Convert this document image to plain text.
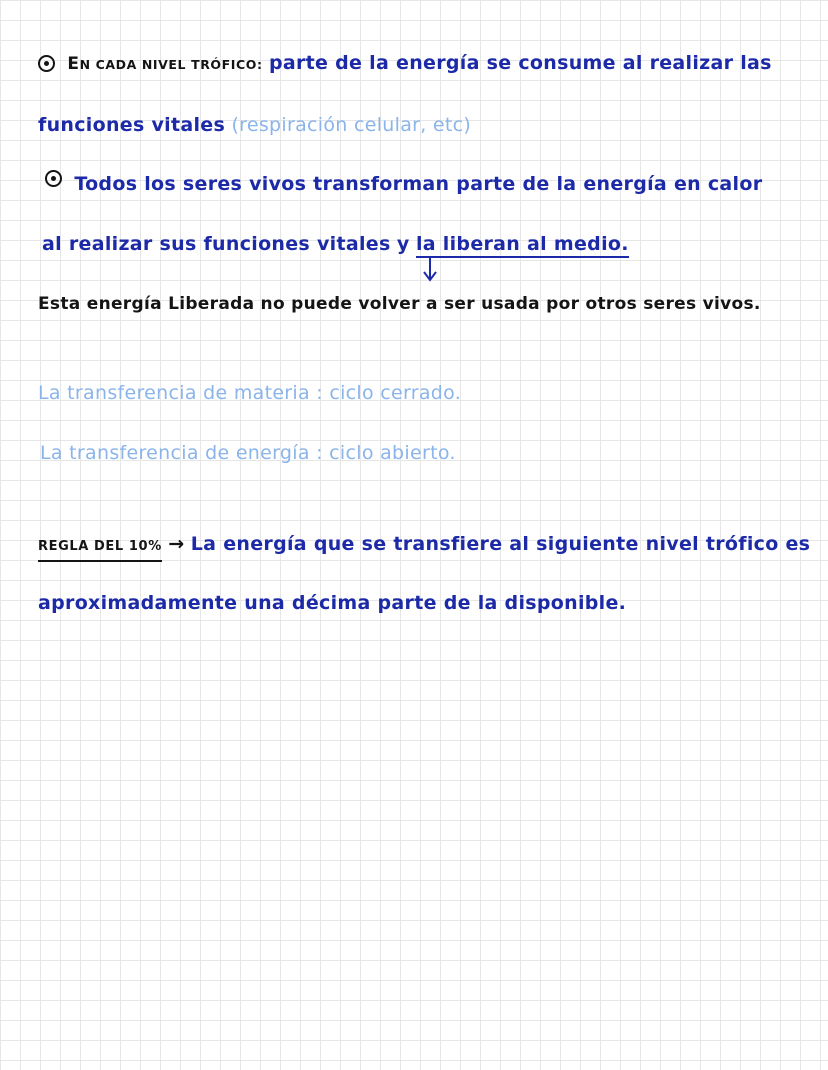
EN CADA NIVEL TRÓFICO: parte de la energía se consume al realizar las
funciones vitales (respiración celular, etc)
Todos los seres vivos transforman parte de la energía en calor
al realizar sus funciones vitales y la liberan al medio.
Esta energía Liberada no puede volver a ser usada por otros seres vivos.
La transferencia de materia : ciclo cerrado.
La transferencia de energía : ciclo abierto.
REGLA DEL 10% → La energía que se transfiere al siguiente nivel trófico es
aproximadamente una décima parte de la disponible.
